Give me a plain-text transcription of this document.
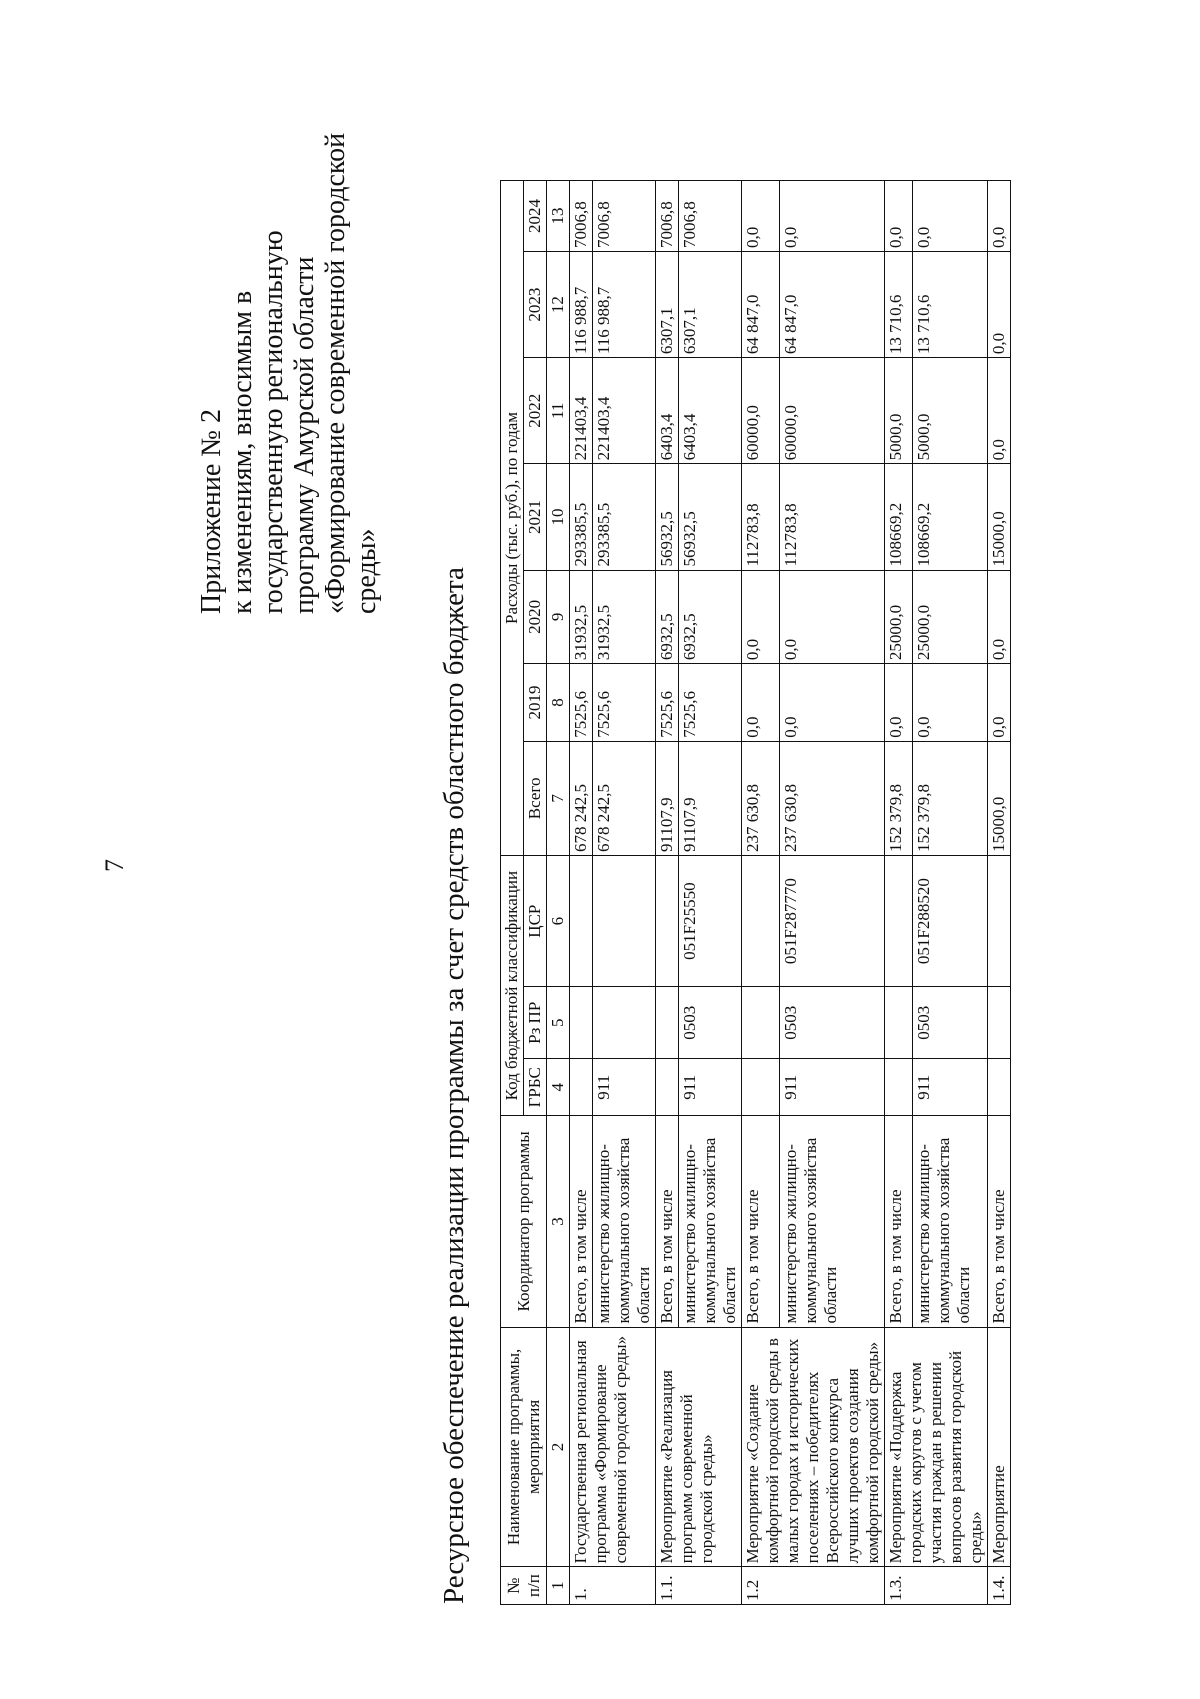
7
Приложение № 2 к изменениям, вносимым в государственную региональную программу Амурской области «Формирование современной городской среды» Ресурсное обеспечение реализации программы за счет средств областного бюджета № п/п	Наименование программы, мероприятия	Координатор программы	Код бюджетной классификации			Расходы (тыс. руб.), по годам						
			ГРБС	Рз ПР	ЦСР	Всего	2019	2020	2021	2022	2023	2024
1	2	3	4	5	6	7	8	9	10	11	12	13
1.	Государственная региональная программа «Формирование современной городской среды»	Всего, в том числе				678 242,5	7525,6	31932,5	293385,5	221403,4	116 988,7	7006,8
		министерство жилищно-коммунального хозяйства области	911			678 242,5	7525,6	31932,5	293385,5	221403,4	116 988,7	7006,8
1.1.	Мероприятие «Реализация программ современной городской среды»	Всего, в том числе				91107,9	7525,6	6932,5	56932,5	6403,4	6307,1	7006,8
		министерство жилищно-коммунального хозяйства области	911	0503	051F25550	91107,9	7525,6	6932,5	56932,5	6403,4	6307,1	7006,8
1.2	Мероприятие «Создание комфортной городской среды в малых городах и исторических поселениях – победителях Всероссийского конкурса лучших проектов создания комфортной городской среды»	Всего, в том числе				237 630,8	0,0	0,0	112783,8	60000,0	64 847,0	0,0
		министерство жилищно-коммунального хозяйства области	911	0503	051F287770	237 630,8	0,0	0,0	112783,8	60000,0	64 847,0	0,0
1.3.	Мероприятие «Поддержка городских округов с учетом участия граждан в решении вопросов развития городской среды»	Всего, в том числе				152 379,8	0,0	25000,0	108669,2	5000,0	13 710,6	0,0
		министерство жилищно-коммунального хозяйства области	911	0503	051F288520	152 379,8	0,0	25000,0	108669,2	5000,0	13 710,6	0,0
1.4.	Мероприятие	Всего, в том числе				15000,0	0,0	0,0	15000,0	0,0	0,0	0,0
